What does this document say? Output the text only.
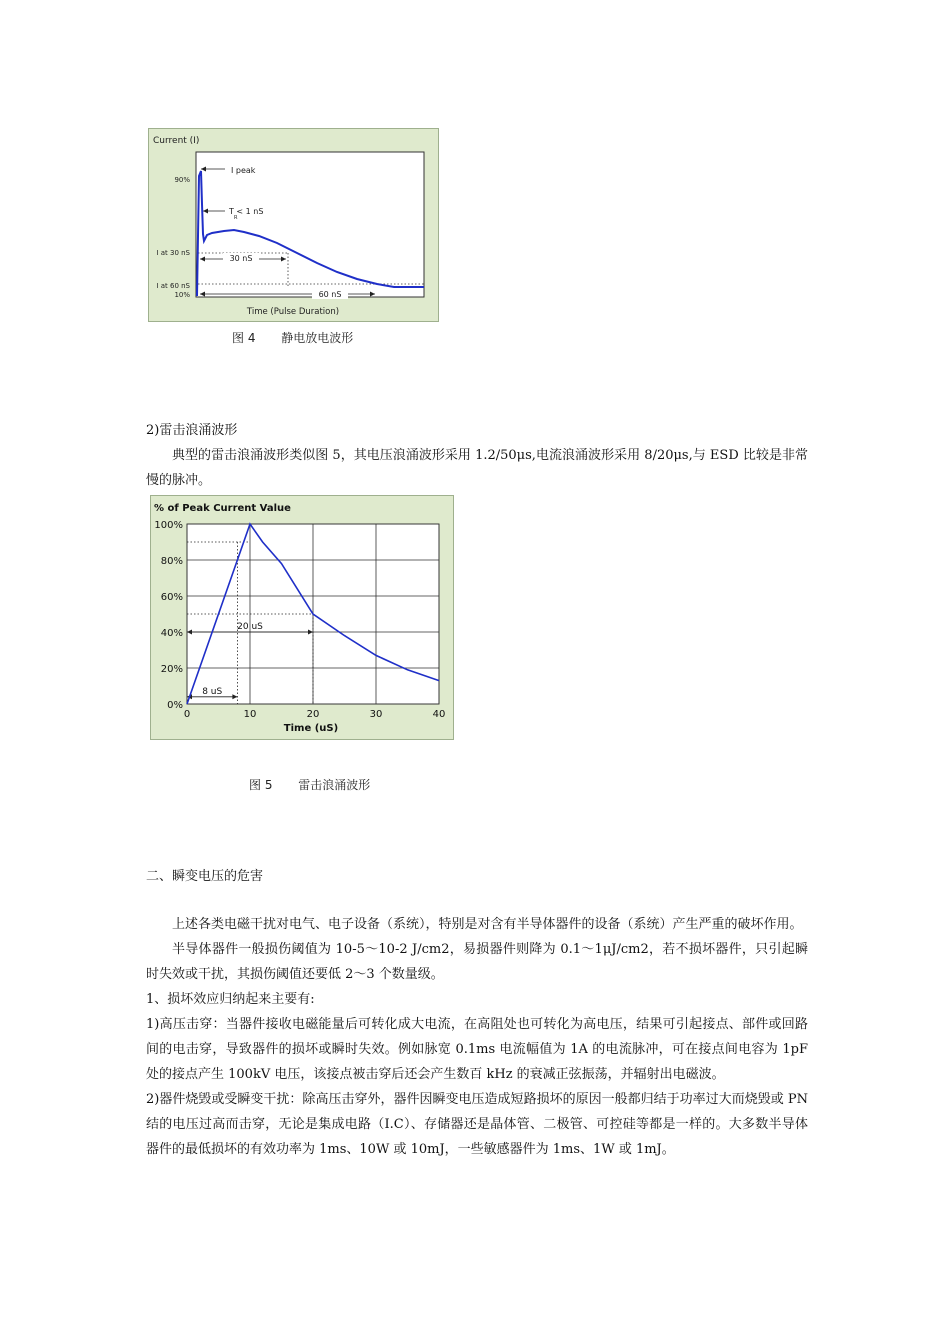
Current (I)
90%
I at 30 nS
I at 60 nS
10%
30 nS
60 nS
I peak
T < 1 nS
R
Time (Pulse Duration)
图 4 静电放电波形

2)雷击浪涌波形

典型的雷击浪涌波形类似图 5，其电压浪涌波形采用 1.2/50μs,电流浪涌波形采用 8/20μs,与 ESD 比较是非常慢的脉冲。

% of Peak Current Value
20 uS
8 uS
0%
20%
40%
60%
80%
100%
0	10	20	30	40
Time (uS)
图 5 雷击浪涌波形

二、瞬变电压的危害

上述各类电磁干扰对电气、电子设备（系统），特别是对含有半导体器件的设备（系统）产生严重的破坏作用。

半导体器件一般损伤阈值为 10-5～10-2 J/cm2，易损器件则降为 0.1～1μJ/cm2，若不损坏器件，只引起瞬时失效或干扰，其损伤阈值还要低 2～3 个数量级。

1、损坏效应归纳起来主要有:

1)高压击穿：当器件接收电磁能量后可转化成大电流，在高阻处也可转化为高电压，结果可引起接点、部件或回路间的电击穿，导致器件的损坏或瞬时失效。例如脉宽 0.1ms 电流幅值为 1A 的电流脉冲，可在接点间电容为 1pF 处的接点产生 100kV 电压，该接点被击穿后还会产生数百 kHz 的衰减正弦振荡，并辐射出电磁波。

2)器件烧毁或受瞬变干扰：除高压击穿外，器件因瞬变电压造成短路损坏的原因一般都归结于功率过大而烧毁或 PN 结的电压过高而击穿，无论是集成电路（I.C）、存储器还是晶体管、二极管、可控硅等都是一样的。大多数半导体器件的最低损坏的有效功率为 1ms、10W 或 10mJ，一些敏感器件为 1ms、1W 或 1mJ。
